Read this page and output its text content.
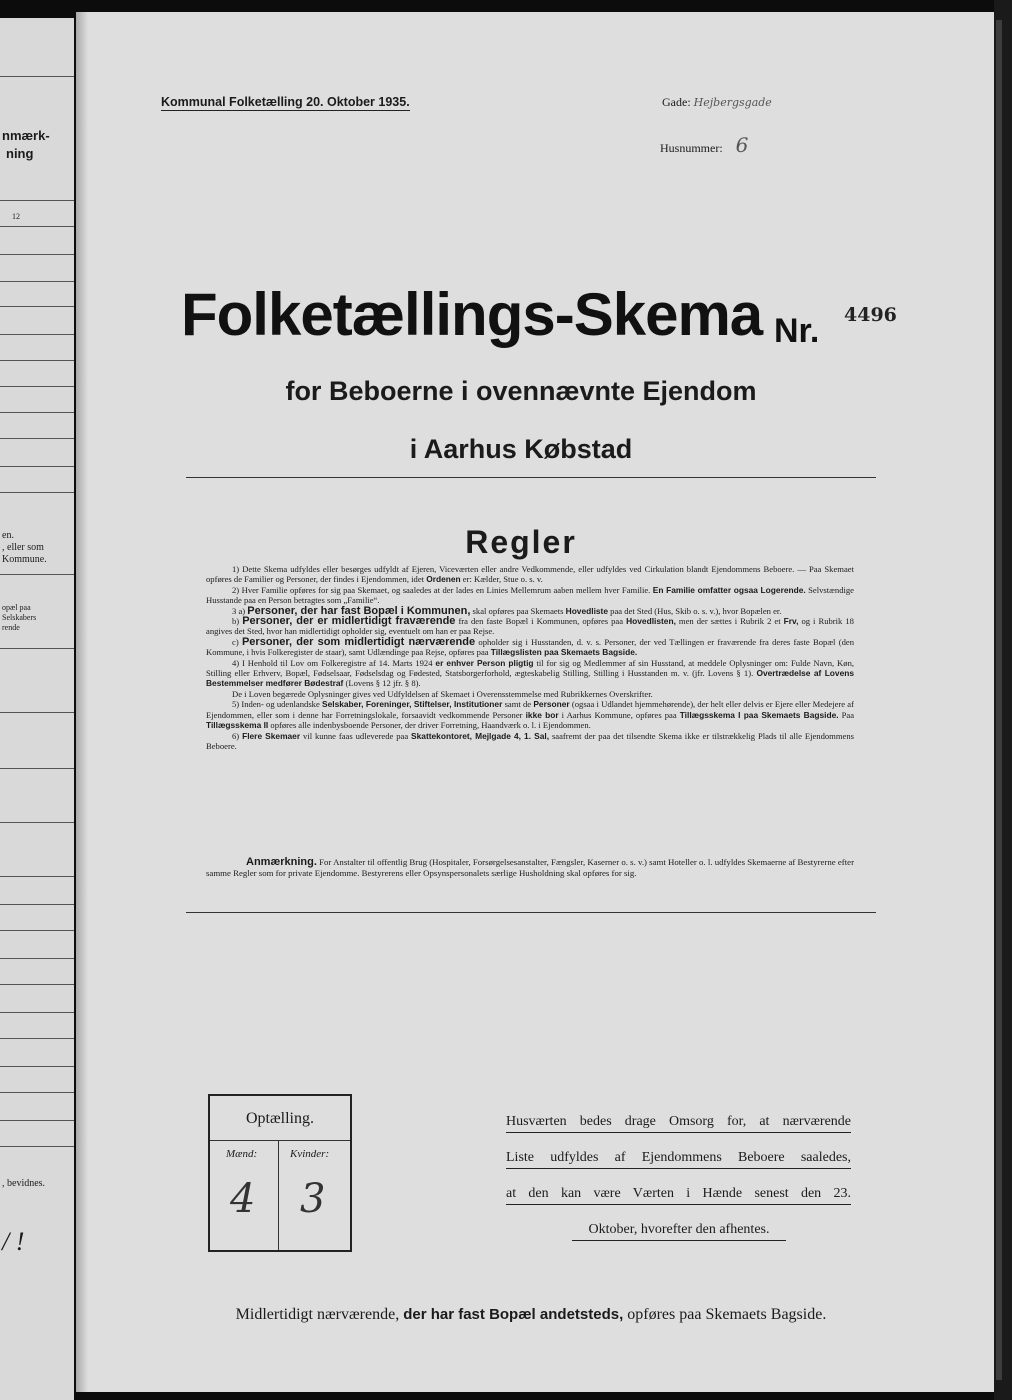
nmærk-
ning
12
en.
, eller som
Kommune.
opæl paa
Selskabers
rende
, bevidnes.
/ !
Kommunal Folketælling 20. Oktober 1935.	Gade: Hejbergsgade
Husnummer: 6
Folketællings-Skema Nr. 4496
for Beboerne i ovennævnte Ejendom
i Aarhus Købstad
Regler

1) Dette Skema udfyldes eller besørges udfyldt af Ejeren, Viceværten eller andre Vedkommende, eller udfyldes ved Cirkulation blandt Ejendommens Beboere. — Paa Skemaet opføres de Familier og Personer, der findes i Ejendommen, idet Ordenen er: Kælder, Stue o. s. v.

2) Hver Familie opføres for sig paa Skemaet, og saaledes at der lades en Linies Mellemrum aaben mellem hver Familie. En Familie omfatter ogsaa Logerende. Selvstændige Husstande paa en Person betragtes som „Familie“.

3 a) Personer, der har fast Bopæl i Kommunen, skal opføres paa Skemaets Hovedliste paa det Sted (Hus, Skib o. s. v.), hvor Bopælen er.

b) Personer, der er midlertidigt fraværende fra den faste Bopæl i Kommunen, opføres paa Hovedlisten, men der sættes i Rubrik 2 et Frv, og i Rubrik 18 angives det Sted, hvor han midlertidigt opholder sig, eventuelt om han er paa Rejse.

c) Personer, der som midlertidigt nærværende opholder sig i Husstanden, d. v. s. Personer, der ved Tællingen er fraværende fra deres faste Bopæl (den Kommune, i hvis Folkeregister de staar), samt Udlændinge paa Rejse, opføres paa Tillægslisten paa Skemaets Bagside.

4) I Henhold til Lov om Folkeregistre af 14. Marts 1924 er enhver Person pligtig til for sig og Medlemmer af sin Husstand, at meddele Oplysninger om: Fulde Navn, Køn, Stilling eller Erhverv, Bopæl, Fødselsaar, Fødselsdag og Fødested, Statsborgerforhold, ægteskabelig Stilling, Stilling i Husstanden m. v. (jfr. Lovens § 1). Overtrædelse af Lovens Bestemmelser medfører Bødestraf (Lovens § 12 jfr. § 8).

De i Loven begærede Oplysninger gives ved Udfyldelsen af Skemaet i Overensstemmelse med Rubrikkernes Overskrifter.

5) Inden- og udenlandske Selskaber, Foreninger, Stiftelser, Institutioner samt de Personer (ogsaa i Udlandet hjemmehørende), der helt eller delvis er Ejere eller Medejere af Ejendommen, eller som i denne har Forretningslokale, forsaavidt vedkommende Personer ikke bor i Aarhus Kommune, opføres paa Tillægsskema I paa Skemaets Bagside. Paa Tillægsskema II opføres alle indenbysboende Personer, der driver Forretning, Haandværk o. l. i Ejendommen.

6) Flere Skemaer vil kunne faas udleverede paa Skattekontoret, Mejlgade 4, 1. Sal, saafremt der paa det tilsendte Skema ikke er tilstrækkelig Plads til alle Ejendommens Beboere.

Anmærkning. For Anstalter til offentlig Brug (Hospitaler, Forsørgelsesanstalter, Fængsler, Kaserner o. s. v.) samt Hoteller o. l. udfyldes Skemaerne af Bestyrerne efter samme Regler som for private Ejendomme. Bestyrerens eller Opsynspersonalets særlige Husholdning skal opføres for sig.

Optælling.
Mænd:	Kvinder:
4 3
Husværten bedes drage Omsorg for, at nærværende
Liste udfyldes af Ejendommens Beboere saaledes,
at den kan være Værten i Hænde senest den 23.
Oktober, hvorefter den afhentes.
Midlertidigt nærværende, der har fast Bopæl andetsteds, opføres paa Skemaets Bagside.
